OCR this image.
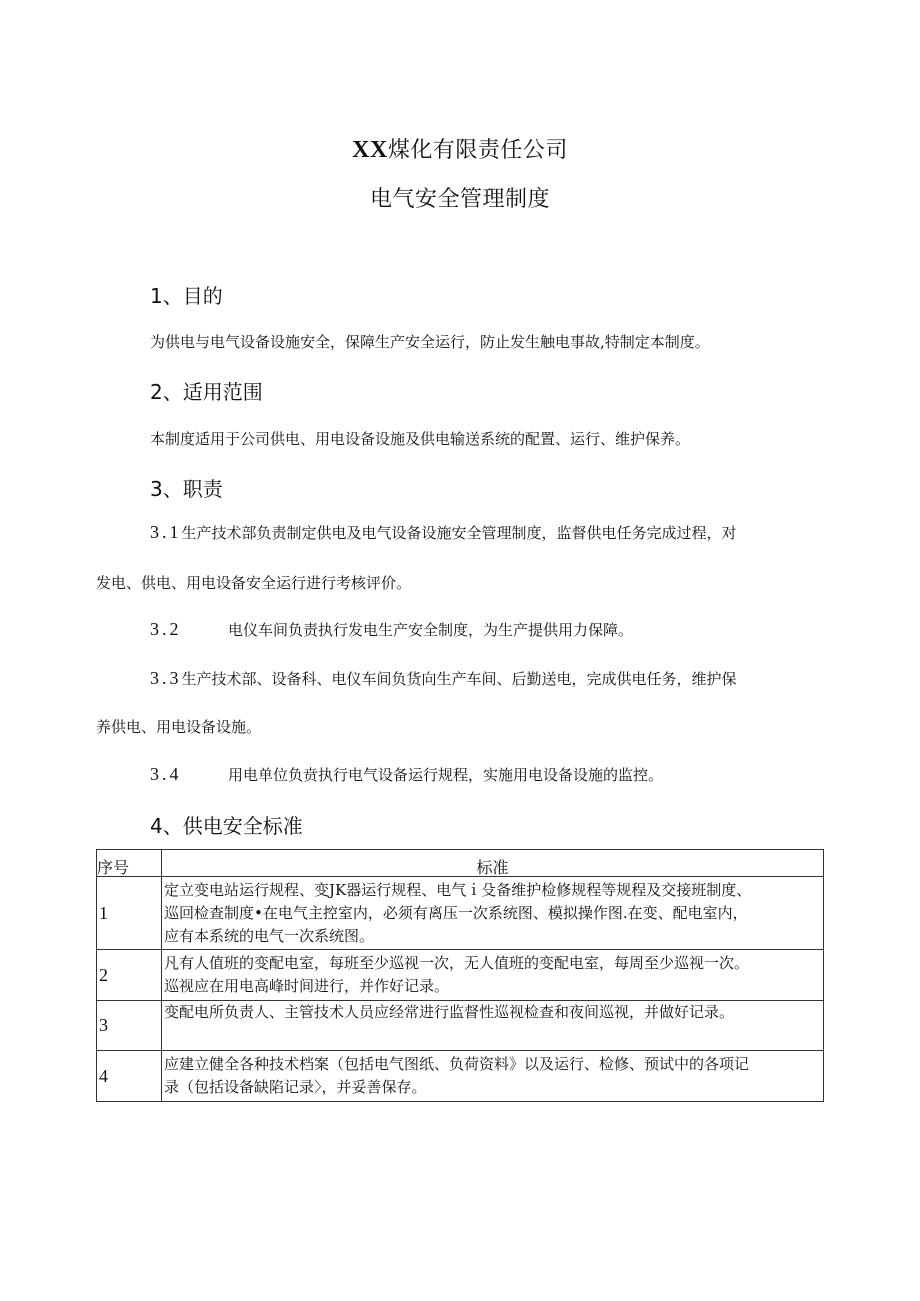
XX煤化有限责任公司
电气安全管理制度
1、目的
为供电与电气设备设施安全，保障生产安全运行，防止发生触电事故,特制定本制度。
2、适用范围
本制度适用于公司供电、用电设备设施及供电输送系统的配置、运行、维护保养。
3、职责
3.1生产技术部负责制定供电及电气设备设施安全管理制度，监督供电任务完成过程，对
发电、供电、用电设备安全运行进行考核评价。
3.2	电仪车间负责执行发电生产安全制度，为生产提供用力保障。
3.3生产技术部、设备科、电仪车间负货向生产车间、后勤送电，完成供电任务，维护保
养供电、用电设备设施。
3.4	用电单位负贲执行电气设备运行规程，实施用电设备设施的监控。
4、供电安全标准
序号	标准
1	定立变电站运行规程、变JK器运行规程、电气ｉ殳备维护检修规程等规程及交接班制度、
巡回检查制度•在电气主控室内，必须有离压一次系统图、模拟操作图.在变、配电室内，
应有本系统的电气一次系统图。

2	凡有人值班的变配电室，每班至少巡视一次，无人值班的变配电室，每周至少巡视一次。
巡视应在用电高峰时间进行，并作好记录。

3	变配电所负责人、主管技术人员应经常进行监督性巡视检查和夜间巡视，并做好记录。

4	应建立健全各种技术档案（包括电气图纸、负荷资料》以及运行、检修、预试中的各项记
录（包括设备缺陷记录〉，并妥善保存。
